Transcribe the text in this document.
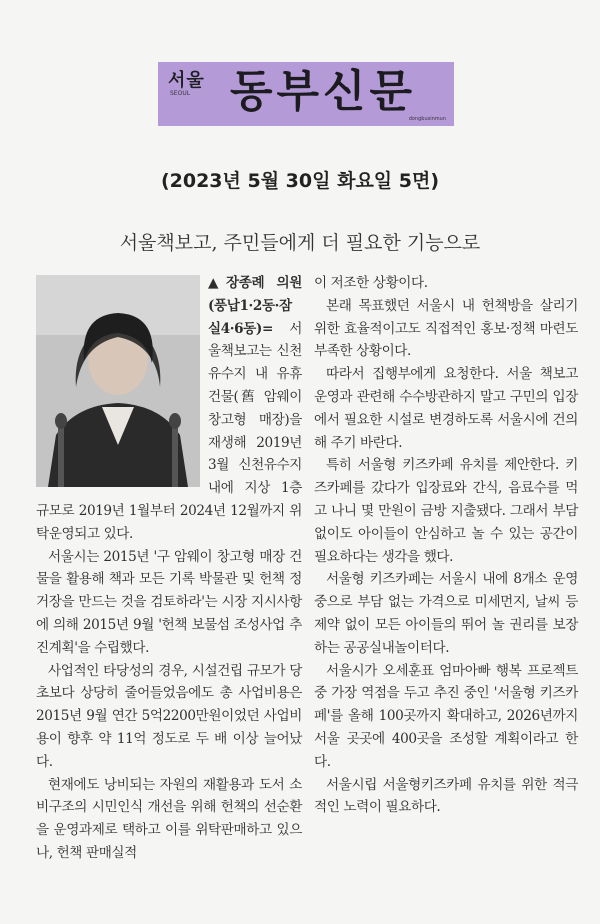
서울
SEOUL 동부신문
dongbusinmun
(2023년 5월 30일 화요일 5면)
서울책보고, 주민들에게 더 필요한 기능으로

▲장종례 의원 (풍납1·2동·잠실4·6동)= 서울책보고는 신천유수지 내 유휴건물(舊 암웨이 창고형 매장)을 재생해 2019년 3월 신천유수지 내에 지상 1층 규모로 2019년 1월부터 2024년 12월까지 위탁운영되고 있다.

서울시는 2015년 '구 암웨이 창고형 매장 건물을 활용해 책과 모든 기록 박물관 및 헌책 정거장을 만드는 것을 검토하라'는 시장 지시사항에 의해 2015년 9월 '헌책 보물섬 조성사업 추진계획'을 수립했다.

사업적인 타당성의 경우, 시설건립 규모가 당초보다 상당히 줄어들었음에도 총 사업비용은 2015년 9월 연간 5억2200만원이었던 사업비용이 향후 약 11억 정도로 두 배 이상 늘어났다.

현재에도 낭비되는 자원의 재활용과 도서 소비구조의 시민인식 개선을 위해 헌책의 선순환을 운영과제로 택하고 이를 위탁판매하고 있으나, 헌책 판매실적

이 저조한 상황이다.

본래 목표했던 서울시 내 헌책방을 살리기 위한 효율적이고도 직접적인 홍보·정책 마련도 부족한 상황이다.

따라서 집행부에게 요청한다. 서울 책보고 운영과 관련해 수수방관하지 말고 구민의 입장에서 필요한 시설로 변경하도록 서울시에 건의해 주기 바란다.

특히 서울형 키즈카페 유치를 제안한다. 키즈카페를 갔다가 입장료와 간식, 음료수를 먹고 나니 몇 만원이 금방 지출됐다. 그래서 부담 없이도 아이들이 안심하고 놀 수 있는 공간이 필요하다는 생각을 했다.

서울형 키즈카페는 서울시 내에 8개소 운영 중으로 부담 없는 가격으로 미세먼지, 날씨 등 제약 없이 모든 아이들의 뛰어 놀 권리를 보장하는 공공실내놀이터다.

서울시가 오세훈표 엄마아빠 행복 프로젝트 중 가장 역점을 두고 추진 중인 '서울형 키즈카페'를 올해 100곳까지 확대하고, 2026년까지 서울 곳곳에 400곳을 조성할 계획이라고 한다.

서울시립 서울형키즈카페 유치를 위한 적극적인 노력이 필요하다.
